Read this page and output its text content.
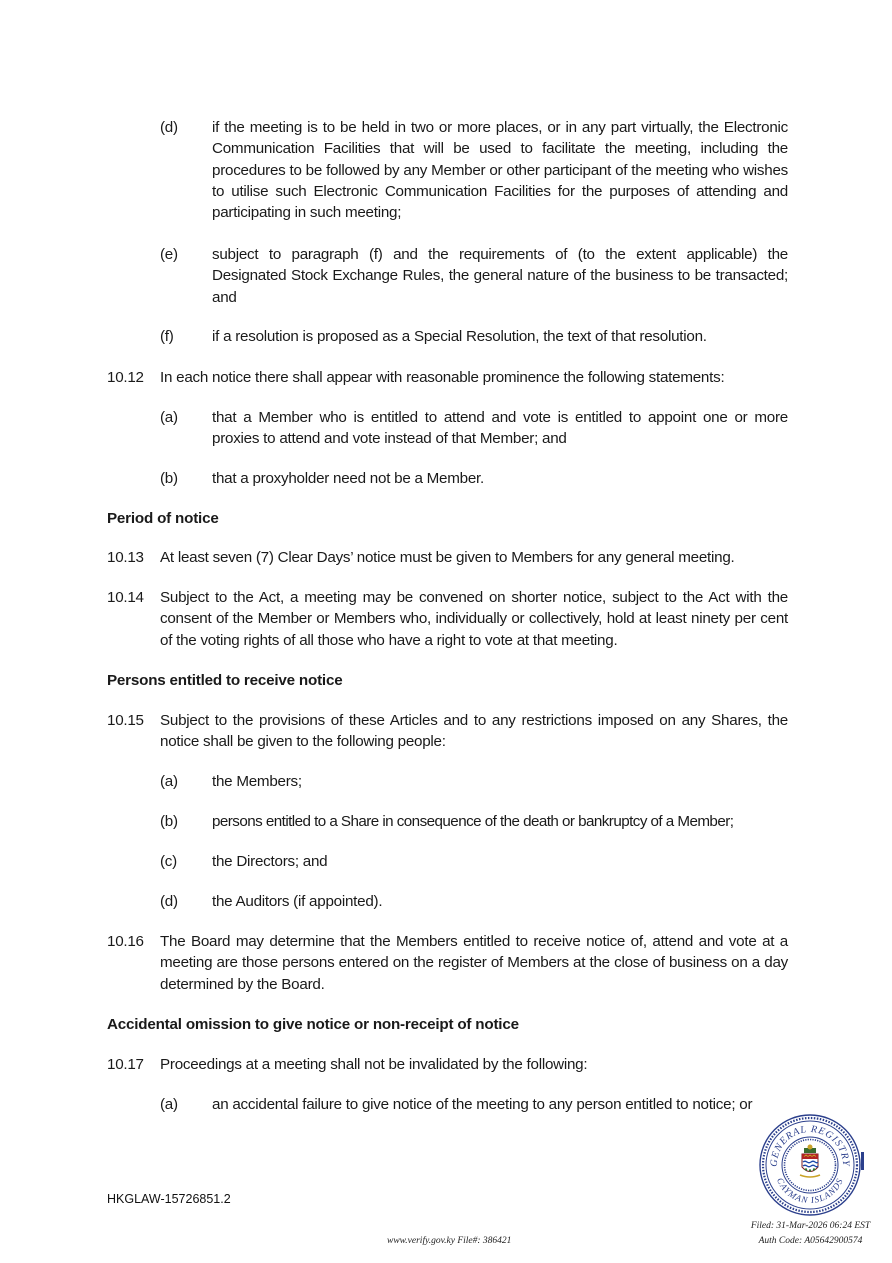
(d)	if the meeting is to be held in two or more places, or in any part virtually, the Electronic Communication Facilities that will be used to facilitate the meeting, including the procedures to be followed by any Member or other participant of the meeting who wishes to utilise such Electronic Communication Facilities for the purposes of attending and participating in such meeting;
(e)	subject to paragraph (f) and the requirements of (to the extent applicable) the Designated Stock Exchange Rules, the general nature of the business to be transacted; and
(f)	if a resolution is proposed as a Special Resolution, the text of that resolution.
10.12	In each notice there shall appear with reasonable prominence the following statements:
(a)	that a Member who is entitled to attend and vote is entitled to appoint one or more proxies to attend and vote instead of that Member; and
(b)	that a proxyholder need not be a Member.
Period of notice
10.13	At least seven (7) Clear Days’ notice must be given to Members for any general meeting.
10.14	Subject to the Act, a meeting may be convened on shorter notice, subject to the Act with the consent of the Member or Members who, individually or collectively, hold at least ninety per cent of the voting rights of all those who have a right to vote at that meeting.
Persons entitled to receive notice
10.15	Subject to the provisions of these Articles and to any restrictions imposed on any Shares, the notice shall be given to the following people:
(a)	the Members;
(b)	persons entitled to a Share in consequence of the death or bankruptcy of a Member;
(c)	the Directors; and
(d)	the Auditors (if appointed).
10.16	The Board may determine that the Members entitled to receive notice of, attend and vote at a meeting are those persons entered on the register of Members at the close of business on a day determined by the Board.
Accidental omission to give notice or non-receipt of notice
10.17	Proceedings at a meeting shall not be invalidated by the following:
(a)	an accidental failure to give notice of the meeting to any person entitled to notice; or
HKGLAW-15726851.2
GENERAL REGISTRY
CAYMAN ISLANDS
Filed: 31-Mar-2026 06:24 EST
Auth Code: A05642900574
www.verify.gov.ky File#: 386421
